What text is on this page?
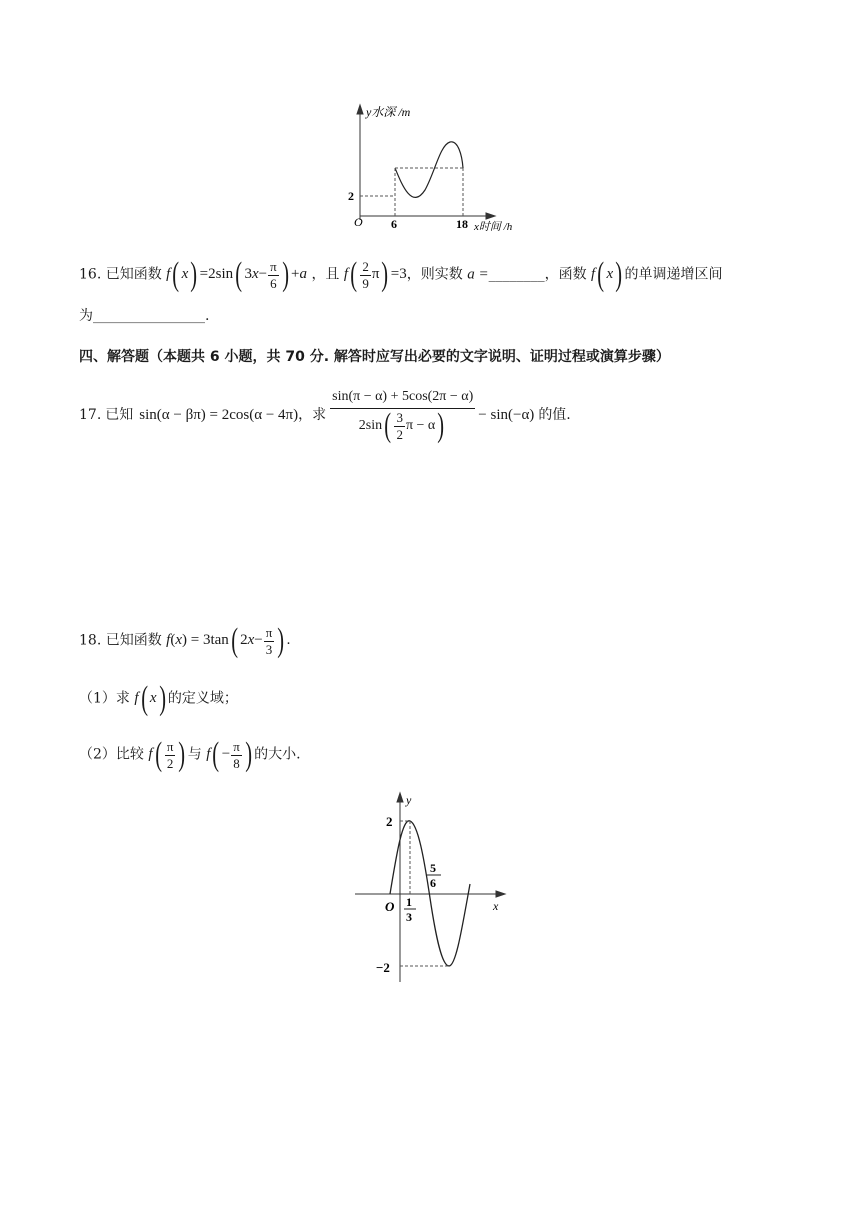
y水深 /m
O
2
6	18 x时间 /h
16. 已知函数 f( x) =2sin( $3x- \frac{\pi}{6}$ ) +a ，且 $f( \frac{2}{9} \pi) =3$，则实数 a =________，函数 f( x) 的单调递增区间
为________________.
四、解答题（本题共 6 小题，共 70 分. 解答时应写出必要的文字说明、证明过程或演算步骤）
17. 已知 sin(α − βπ) = 2cos(α − 4π) ，求 $\frac{\sin(\pi - \alpha) + 5\cos(2\pi - \alpha)}{2\sin( \frac{3}{2} \pi - \alpha)} - \sin(-\alpha)$ 的值.
18. 已知函数 f(x) = 3tan( $2x- \frac{\pi}{3}$ ) .
（1）求 f( x) 的定义域；
（2）比较 $f( \frac{\pi}{2}$ ) 与 $f( - \frac{\pi}{8}$ ) 的大小.
y
x
O
2
−2
1
3
5
6
